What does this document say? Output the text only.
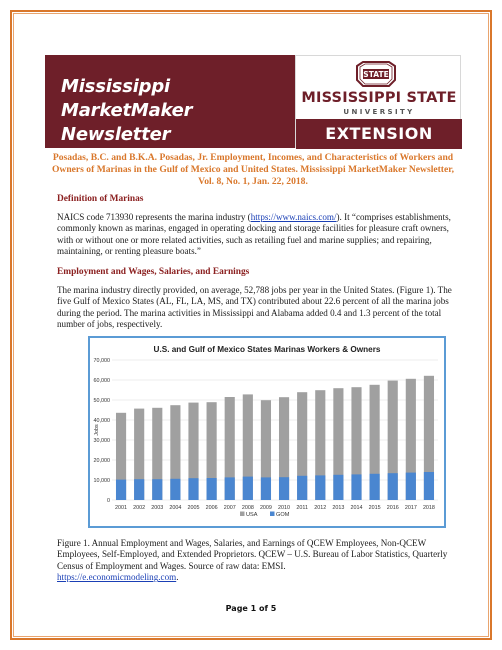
Mississippi MarketMaker
Newsletter
STATE
MISSISSIPPI STATE
UNIVERSITY
EXTENSION
Posadas, B.C. and B.K.A. Posadas, Jr. Employment, Incomes, and Characteristics of Workers and Owners of Marinas in the Gulf of Mexico and United States. Mississippi MarketMaker Newsletter, Vol. 8, No. 1, Jan. 22, 2018.
Definition of Marinas
NAICS code 713930 represents the marina industry (https://www.naics.com/). It “comprises establishments, commonly known as marinas, engaged in operating docking and storage facilities for pleasure craft owners, with or without one or more related activities, such as retailing fuel and marine supplies; and repairing, maintaining, or renting pleasure boats.”
Employment and Wages, Salaries, and Earnings
The marina industry directly provided, on average, 52,788 jobs per year in the United States. (Figure 1). The five Gulf of Mexico States (AL, FL, LA, MS, and TX) contributed about 22.6 percent of all the marina jobs during the period. The marina activities in Mississippi and Alabama added 0.4 and 1.3 percent of the total number of jobs, respectively.
U.S. and Gulf of Mexico States Marinas Workers & Owners
Jobs
0
10,000
20,000
30,000
40,000
50,000
60,000
70,000
2001 2002 2003 2004 2005 2006 2007 2008 2009 2010 2011 2012 2013 2014 2015 2016 2017 2018
USA	GOM
Figure 1. Annual Employment and Wages, Salaries, and Earnings of QCEW Employees, Non-QCEW Employees, Self-Employed, and Extended Proprietors. QCEW – U.S. Bureau of Labor Statistics, Quarterly Census of Employment and Wages. Source of raw data: EMSI.
https://e.economicmodeling.com.
Page 1 of 5
